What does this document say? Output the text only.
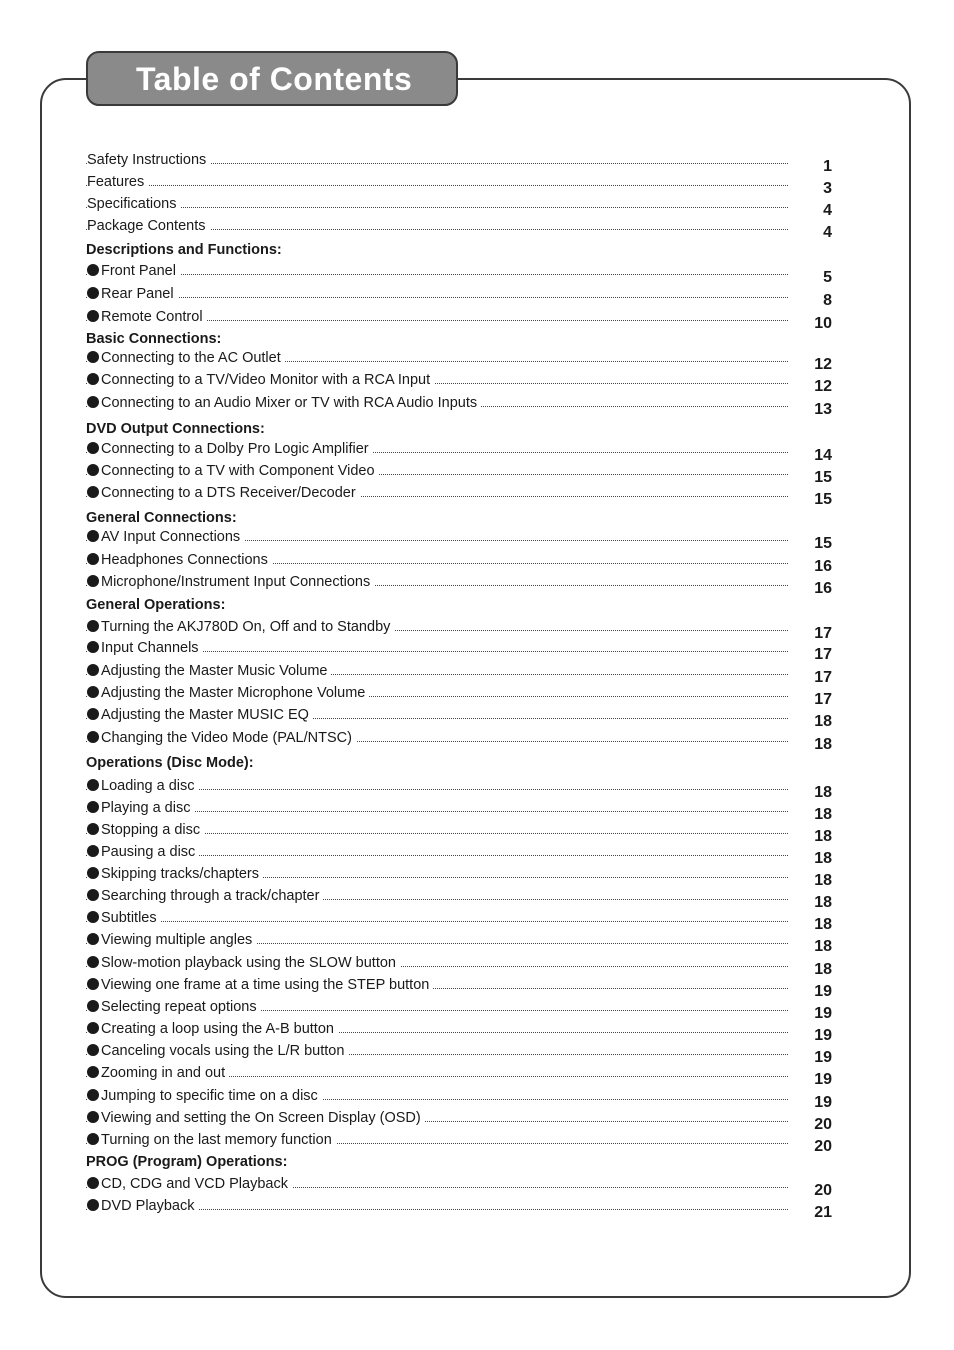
Table of Contents
Safety Instructions	1
Features	3
Specifications	4
Package Contents	4
Descriptions and Functions:
Front Panel	5
Rear Panel	8
Remote Control	10
Basic Connections:
Connecting to the AC Outlet	12
Connecting to a TV/Video Monitor with a RCA Input	12
Connecting to an Audio Mixer or TV with RCA Audio Inputs	13
DVD Output Connections:
Connecting to a Dolby Pro Logic Amplifier	14
Connecting to a TV with Component Video	15
Connecting to a DTS Receiver/Decoder	15
General Connections:
AV Input Connections	15
Headphones Connections	16
Microphone/Instrument Input Connections	16
General Operations:
Turning the AKJ780D On, Off and to Standby	17
Input Channels	17
Adjusting the Master Music Volume	17
Adjusting the Master Microphone Volume	17
Adjusting the Master MUSIC EQ	18
Changing the Video Mode (PAL/NTSC)	18
Operations (Disc Mode):
Loading a disc	18
Playing a disc	18
Stopping a disc	18
Pausing a disc	18
Skipping tracks/chapters	18
Searching through a track/chapter	18
Subtitles	18
Viewing multiple angles	18
Slow-motion playback using the SLOW button	18
Viewing one frame at a time using the STEP button	19
Selecting repeat options	19
Creating a loop using the A-B button	19
Canceling vocals using the L/R button	19
Zooming in and out	19
Jumping to specific time on a disc	19
Viewing and setting the On Screen Display (OSD)	20
Turning on the last memory function	20
PROG (Program) Operations:
CD, CDG and VCD Playback	20
DVD Playback	21
